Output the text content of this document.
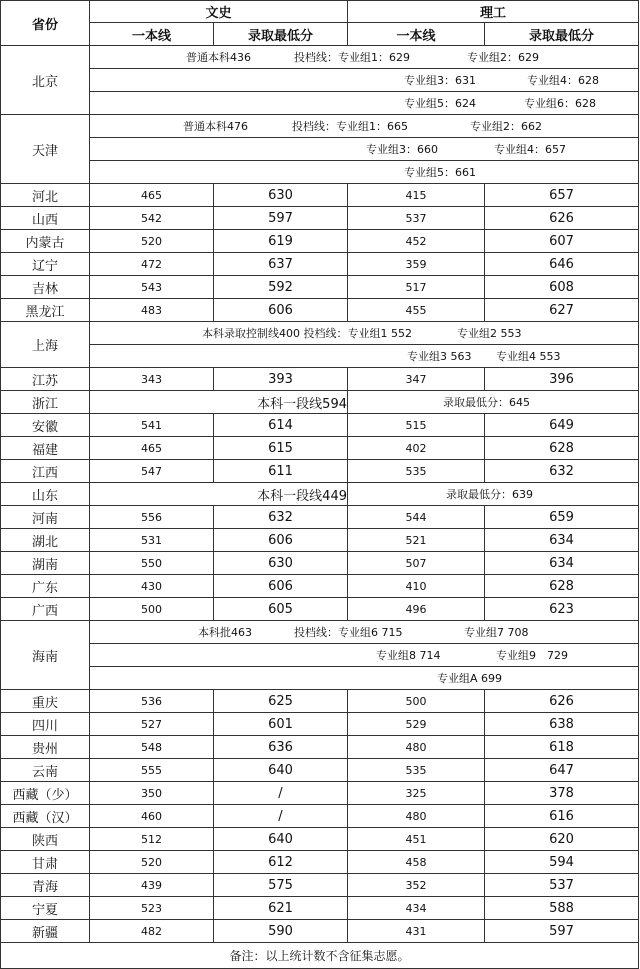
省份
文史	理工
一本线	录取最低分	一本线	录取最低分
北京
普通本科436	投档线：专业组1：629	专业组2：629
专业组3：631	专业组4：628
专业组5：624	专业组6：628
天津
普通本科476	投档线：专业组1：665	专业组2：662
专业组3：660	专业组4：657
专业组5：661
河北	465	630	415	657
山西	542	597	537	626
内蒙古	520	619	452	607
辽宁	472	637	359	646
吉林	543	592	517	608
黑龙江	483	606	455	627
上海
本科录取控制线400 投档线：专业组1 552	专业组2 553
专业组3 563 专业组4 553
江苏	343	393	347	396
浙江	本科一段线594	录取最低分：645
安徽	541	614	515	649
福建	465	615	402	628
江西	547	611	535	632
山东	本科一段线449	录取最低分：639
河南	556	632	544	659
湖北	531	606	521	634
湖南	550	630	507	634
广东	430	606	410	628
广西	500	605	496	623
海南
本科批463	投档线：专业组6 715	专业组7 708
专业组8 714	专业组9　729
专业组A 699
重庆	536	625	500	626
四川	527	601	529	638
贵州	548	636	480	618
云南	555	640	535	647
西藏（少）	350	/	325	378
西藏（汉）	460	/	480	616
陕西	512	640	451	620
甘肃	520	612	458	594
青海	439	575	352	537
宁夏	523	621	434	588
新疆	482	590	431	597
备注：以上统计数不含征集志愿。
